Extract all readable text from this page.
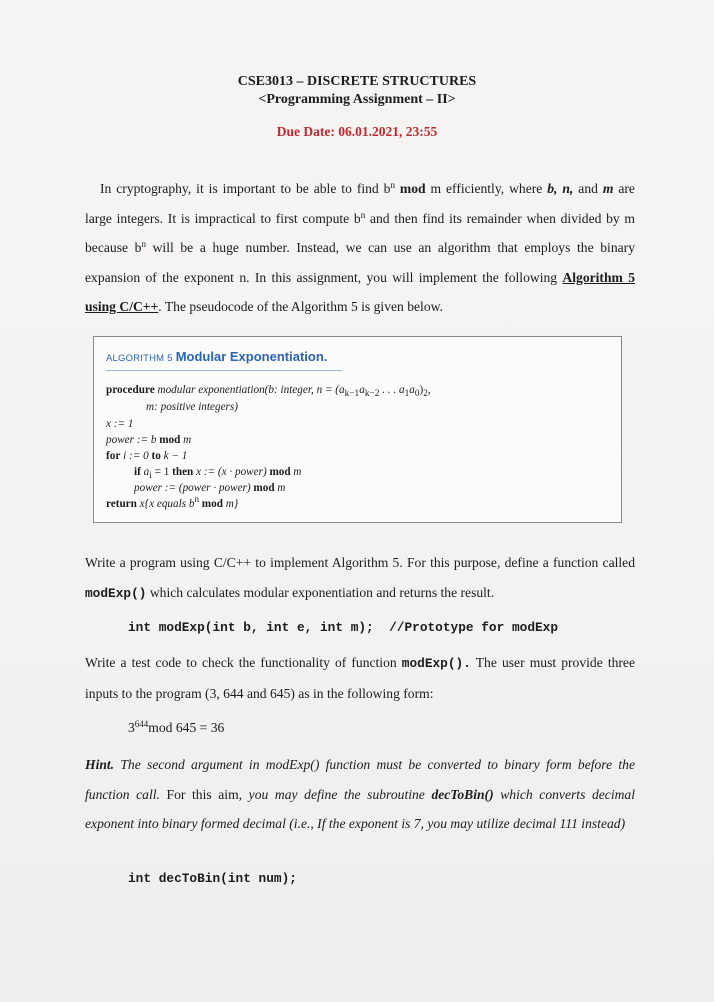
CSE3013 – DISCRETE STRUCTURES
<Programming Assignment – II>
Due Date: 06.01.2021, 23:55
In cryptography, it is important to be able to find $b^n$ mod m efficiently, where b, n, and m are large integers. It is impractical to first compute $b^n$ and then find its remainder when divided by m because $b^n$ will be a huge number. Instead, we can use an algorithm that employs the binary expansion of the exponent n. In this assignment, you will implement the following Algorithm 5 using C/C++. The pseudocode of the Algorithm 5 is given below.
ALGORITHM 5 Modular Exponentiation.
procedure modular exponentiation(b: integer, $n = (a_{k-1}a_{k-2}$ . . . $a_1a_0)_2$,
m: positive integers)
x := 1
power := b mod m
for i := 0 to k − 1
if $a_i = 1$ then x := (x · power) mod m
power := (power · power) mod m
return x{x equals $b^n$ mod m}
Write a program using C/C++ to implement Algorithm 5. For this purpose, define a function called modExp() which calculates modular exponentiation and returns the result.
int modExp(int b, int e, int m);  //Prototype for modExp
Write a test code to check the functionality of function modExp(). The user must provide three inputs to the program (3, 644 and 645) as in the following form:
$3^{644}mod$ 645 = 36
Hint. The second argument in modExp() function must be converted to binary form before the function call. For this aim, you may define the subroutine decToBin() which converts decimal exponent into binary formed decimal (i.e., If the exponent is 7, you may utilize decimal 111 instead)
int decToBin(int num);
